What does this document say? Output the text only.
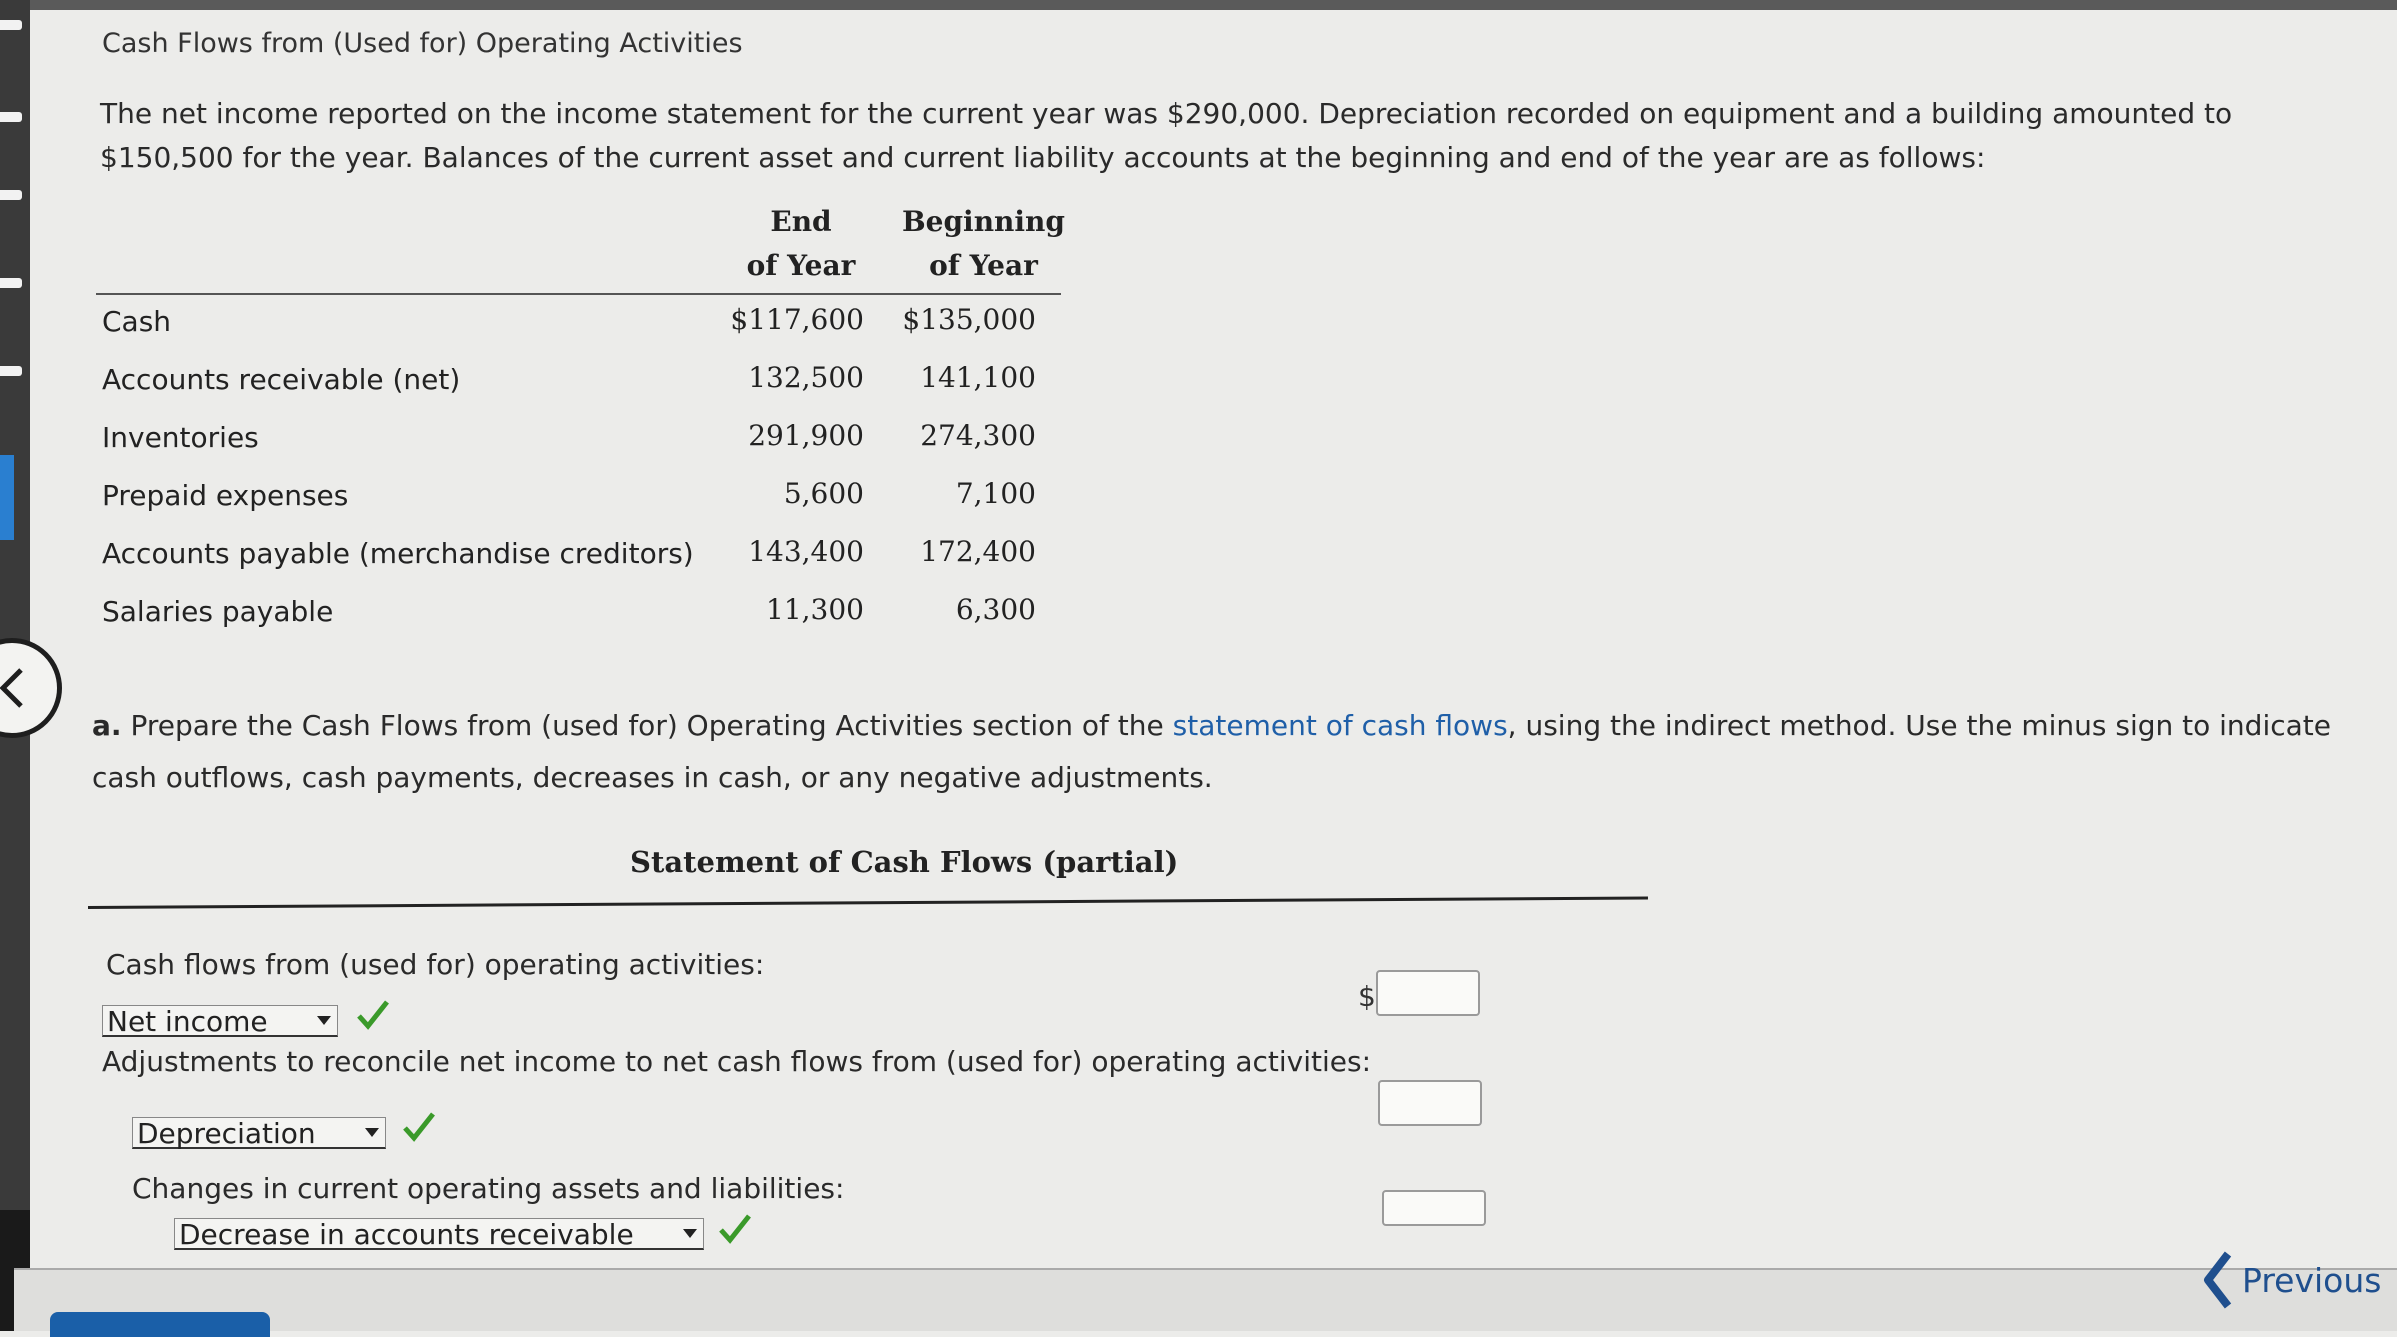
Cash Flows from (Used for) Operating Activities
The net income reported on the income statement for the current year was $290,000. Depreciation recorded on equipment and a building amounted to $150,500 for the year. Balances of the current asset and current liability accounts at the beginning and end of the year are as follows:
End
of Year
Beginning
of Year
Cash	$117,600 $135,000
Accounts receivable (net)	132,500	141,100
Inventories	291,900	274,300
Prepaid expenses	5,600	7,100
Accounts payable (merchandise creditors)	143,400	172,400
Salaries payable	11,300	6,300
a. Prepare the Cash Flows from (used for) Operating Activities section of the statement of cash flows, using the indirect method. Use the minus sign to indicate cash outflows, cash payments, decreases in cash, or any negative adjustments.
Statement of Cash Flows (partial)
Cash flows from (used for) operating activities:
Net income
$
Adjustments to reconcile net income to net cash flows from (used for) operating activities:
Depreciation
Changes in current operating assets and liabilities:
Decrease in accounts receivable
Previous
